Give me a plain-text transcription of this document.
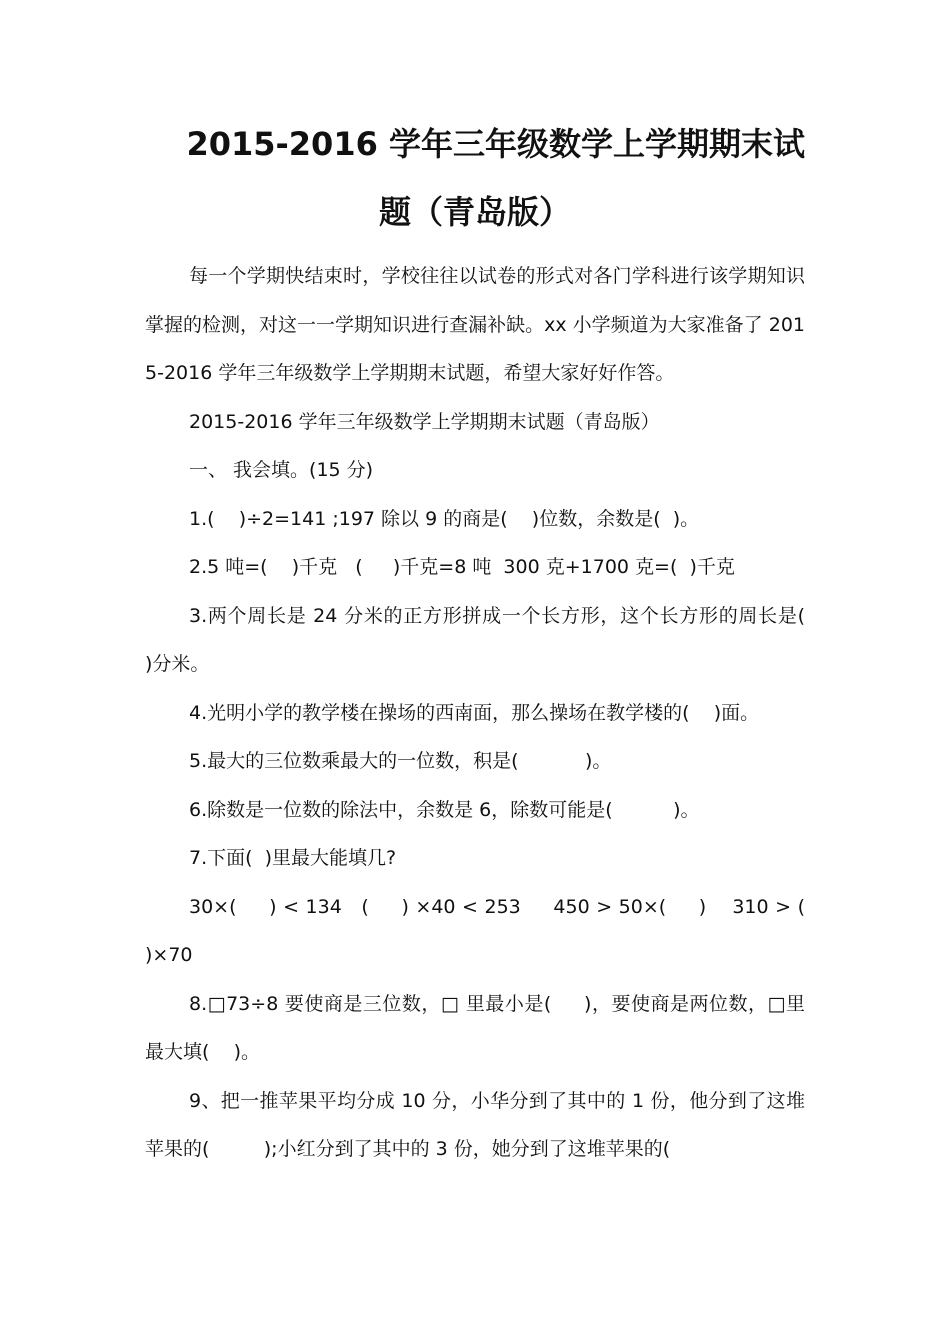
2015-2016 学年三年级数学上学期期末试
题（青岛版）

每一个学期快结束时，学校往往以试卷的形式对各门学科进行该学期知识掌握的检测，对这一一学期知识进行查漏补缺。xx 小学频道为大家准备了 2015-2016 学年三年级数学上学期期末试题，希望大家好好作答。

2015-2016 学年三年级数学上学期期末试题（青岛版）

一、 我会填。(15 分)

1.(    )÷2=141 ;197 除以 9 的商是(    )位数，余数是(  )。

2.5 吨=(    )千克   (     )千克=8 吨  300 克+1700 克=(  )千克

3.两个周长是 24 分米的正方形拼成一个长方形，这个长方形的周长是(   )分米。

4.光明小学的教学楼在操场的西南面，那么操场在教学楼的(    )面。

5.最大的三位数乘最大的一位数，积是(           )。

6.除数是一位数的除法中，余数是 6，除数可能是(          )。

7.下面(  )里最大能填几?

30×(     ) < 134   (     ) ×40 < 253     450 > 50×(     )    310 > (     )×70

8.□73÷8 要使商是三位数，□ 里最小是(     )，要使商是两位数，□里最大填(    )。

9、把一推苹果平均分成 10 分，小华分到了其中的 1 份，他分到了这堆苹果的(         );小红分到了其中的 3 份，她分到了这堆苹果的(
